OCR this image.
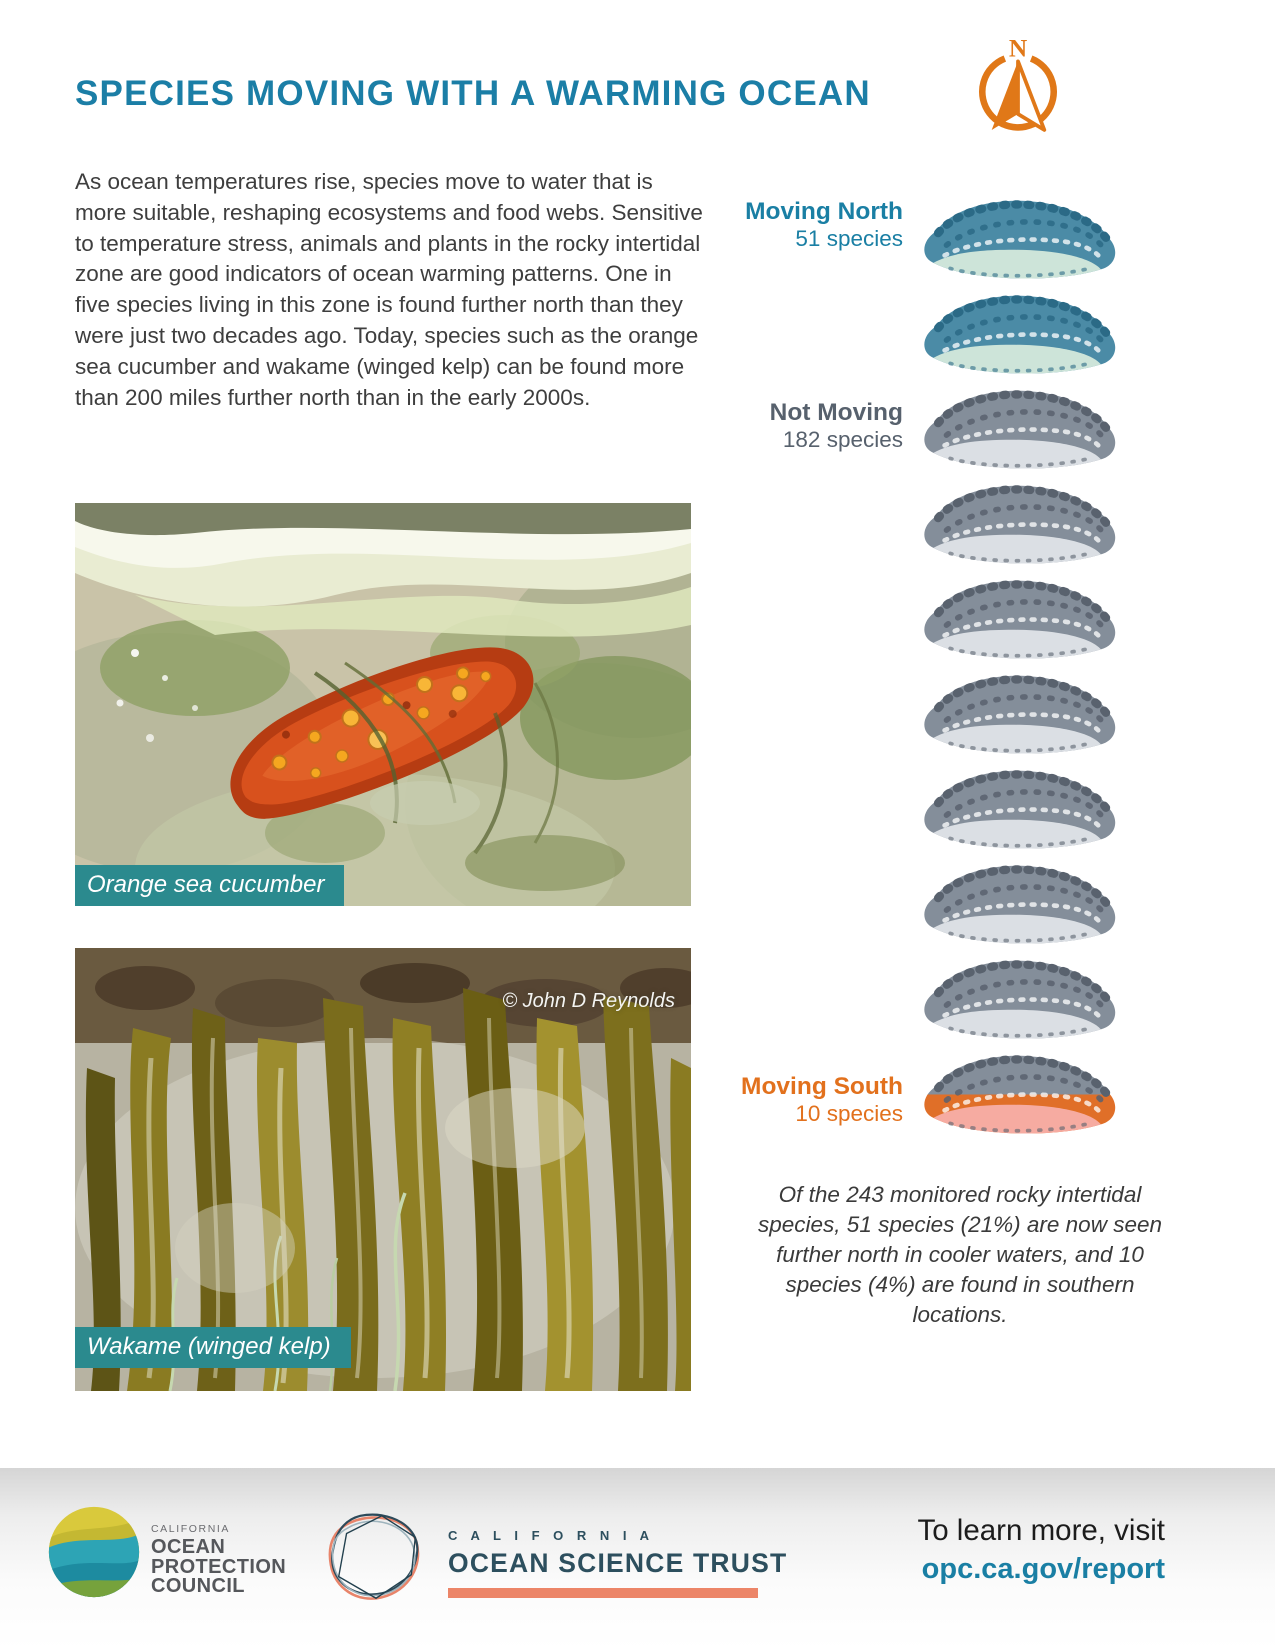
SPECIES MOVING WITH A WARMING OCEAN
N
As ocean temperatures rise, species move to water that is more suitable, reshaping ecosystems and food webs. Sensitive to temperature stress, animals and plants in the rocky intertidal zone are good indicators of ocean warming patterns. One in five species living in this zone is found further north than they were just two decades ago. Today, species such as the orange sea cucumber and wakame (winged kelp) can be found more than 200 miles further north than in the early 2000s.
Orange sea cucumber
© John D Reynolds
Wakame (winged kelp)
Moving North
51 species
Not Moving
182 species
Moving South
10 species
Of the 243 monitored rocky intertidal species, 51 species (21%) are now seen further north in cooler waters, and 10 species (4%) are found in southern locations.
CALIFORNIA
OCEAN
PROTECTION
COUNCIL
C A L I F O R N I A
OCEAN SCIENCE TRUST
To learn more, visit
opc.ca.gov/report
